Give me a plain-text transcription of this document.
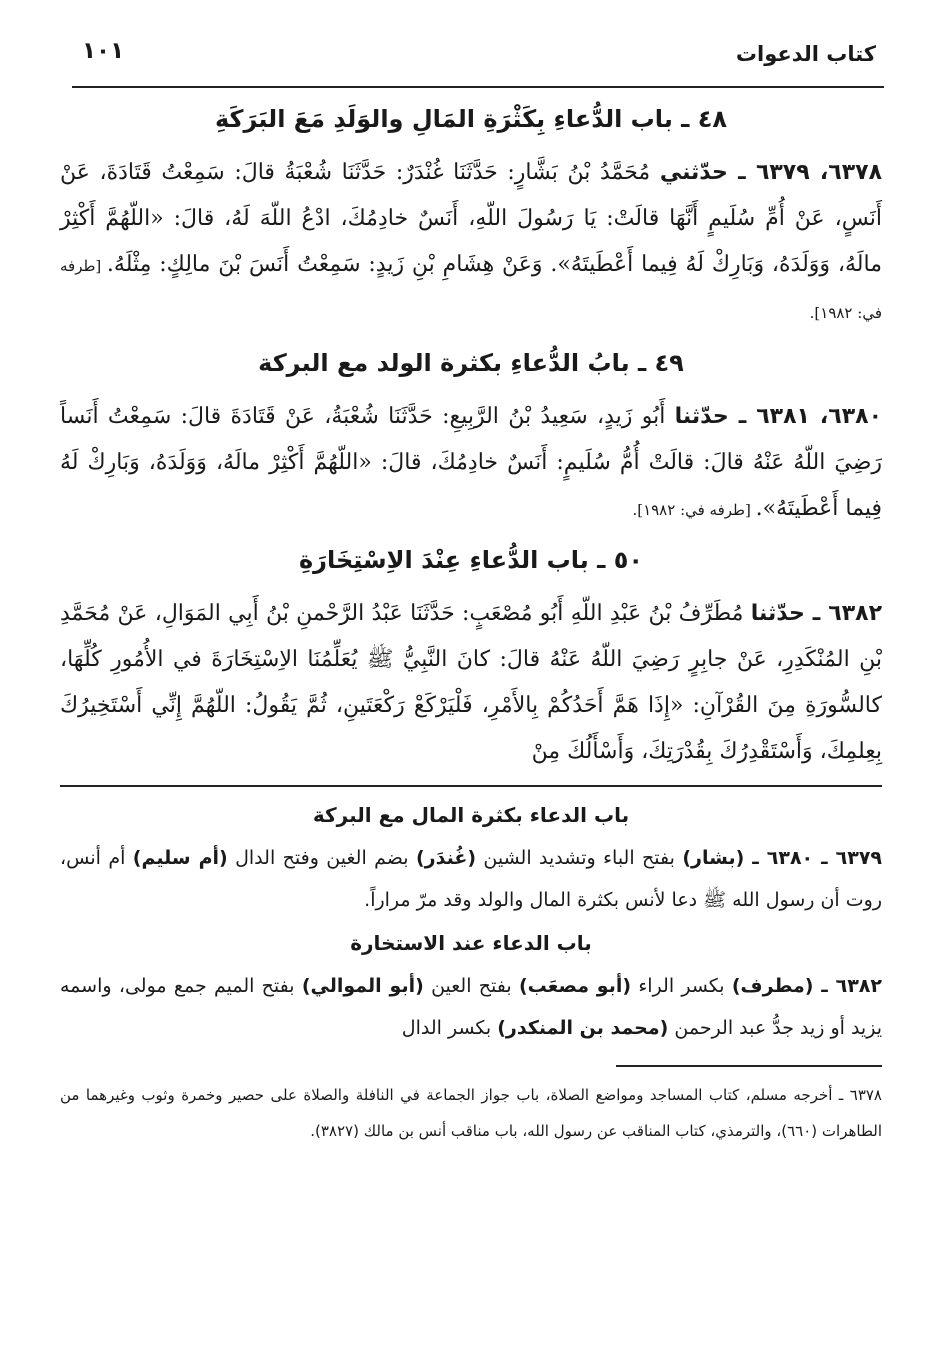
كتاب الدعوات
١٠١
٤٨ ـ باب الدُّعاءِ بِكَثْرَةِ المَالِ والوَلَدِ مَعَ البَرَكَةِ

٦٣٧٨، ٦٣٧٩ ـ حدّثني مُحَمَّدُ بْنُ بَشَّارٍ: حَدَّثَنَا غُنْدَرٌ: حَدَّثَنَا شُعْبَةُ قالَ: سَمِعْتُ قَتَادَةَ، عَنْ أَنَسٍ، عَنْ أُمِّ سُلَيمٍ أَنَّهَا قالَتْ: يَا رَسُولَ اللّهِ، أَنَسٌ خادِمُكَ، ادْعُ اللّهَ لَهُ، قالَ: «اللّهُمَّ أَكْثِرْ مالَهُ، وَوَلَدَهُ، وَبَارِكْ لَهُ فِيما أَعْطَيتَهُ». وَعَنْ هِشَامِ بْنِ زَيدٍ: سَمِعْتُ أَنَسَ بْنَ مالِكٍ: مِثْلَهُ. [طرفه في: ١٩٨٢].

٤٩ ـ بابُ الدُّعاءِ بكثرة الولد مع البركة

٦٣٨٠، ٦٣٨١ ـ حدّثنا أَبُو زَيدٍ، سَعِيدُ بْنُ الرَّبِيعِ: حَدَّثَنَا شُعْبَةُ، عَنْ قَتَادَةَ قالَ: سَمِعْتُ أَنَساً رَضِيَ اللّهُ عَنْهُ قالَ: قالَتْ أُمُّ سُلَيمٍ: أَنَسٌ خادِمُكَ، قالَ: «اللّهُمَّ أَكْثِرْ مالَهُ، وَوَلَدَهُ، وَبَارِكْ لَهُ فِيما أَعْطَيتَهُ». [طرفه في: ١٩٨٢].

٥٠ ـ باب الدُّعاءِ عِنْدَ الاِسْتِخَارَةِ

٦٣٨٢ ـ حدّثنا مُطَرِّفُ بْنُ عَبْدِ اللّهِ أَبُو مُصْعَبٍ: حَدَّثَنَا عَبْدُ الرَّحْمنِ بْنُ أَبِي المَوَالِ، عَنْ مُحَمَّدِ بْنِ المُنْكَدِرِ، عَنْ جابِرٍ رَضِيَ اللّهُ عَنْهُ قالَ: كانَ النَّبِيُّ ﷺ يُعَلِّمُنَا الاِسْتِخَارَةَ في الأُمُورِ كُلِّهَا، كالسُّورَةِ مِنَ القُرْآنِ: «إِذَا هَمَّ أَحَدُكُمْ بِالأَمْرِ، فَلْيَرْكَعْ رَكْعَتَينِ، ثُمَّ يَقُولُ: اللّهُمَّ إِنِّي أَسْتَخِيرُكَ بِعِلمِكَ، وَأَسْتَقْدِرُكَ بِقُدْرَتِكَ، وَأَسْأَلُكَ مِنْ

باب الدعاء بكثرة المال مع البركة

٦٣٧٩ ـ ٦٣٨٠ ـ (بشار) بفتح الباء وتشديد الشين (غُندَر) بضم الغين وفتح الدال (أم سليم) أم أنس، روت أن رسول الله ﷺ دعا لأنس بكثرة المال والولد وقد مرّ مراراً.

باب الدعاء عند الاستخارة

٦٣٨٢ ـ (مطرف) بكسر الراء (أبو مصعَب) بفتح العين (أبو الموالي) بفتح الميم جمع مولى، واسمه يزيد أو زيد جدُّ عبد الرحمن (محمد بن المنكدر) بكسر الدال

٦٣٧٨ ـ أخرجه مسلم، كتاب المساجد ومواضع الصلاة، باب جواز الجماعة في النافلة والصلاة على حصير وخمرة وثوب وغيرهما من الطاهرات (٦٦٠)، والترمذي، كتاب المناقب عن رسول الله، باب مناقب أنس بن مالك (٣٨٢٧).
